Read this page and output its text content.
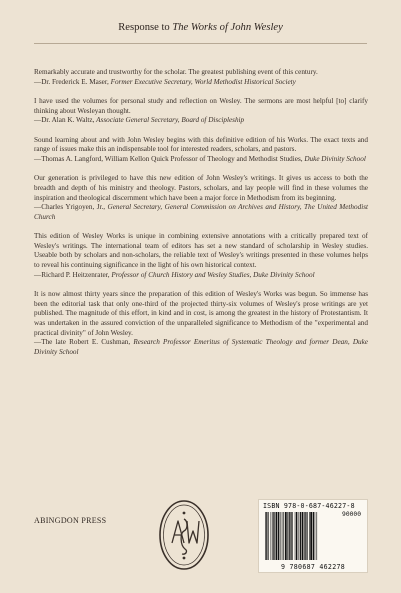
Response to The Works of John Wesley

Remarkably accurate and trustworthy for the scholar. The greatest publishing event of this century.

—Dr. Frederick E. Maser, Former Executive Secretary, World Methodist Historical Society

I have used the volumes for personal study and reflection on Wesley. The sermons are most helpful [to] clarify thinking about Wesleyan thought.

—Dr. Alan K. Waltz, Associate General Secretary, Board of Discipleship

Sound learning about and with John Wesley begins with this definitive edition of his Works. The exact texts and range of issues make this an indispensable tool for interested readers, scholars, and pastors.

—Thomas A. Langford, William Kellon Quick Professor of Theology and Methodist Studies, Duke Divinity School

Our generation is privileged to have this new edition of John Wesley's writings. It gives us access to both the breadth and depth of his ministry and theology. Pastors, scholars, and lay people will find in these volumes the inspiration and theological discernment which have been a major force in Methodism from its beginning.

—Charles Yrigoyen, Jr., General Secretary, General Commission on Archives and History, The United Methodist Church

This edition of Wesley Works is unique in combining extensive annotations with a critically prepared text of Wesley's writings. The international team of editors has set a new standard of scholarship in Wesley studies. Useable both by scholars and non-scholars, the reliable text of Wesley's writings presented in these volumes helps to reveal his continuing significance in the light of his own historical context.

—Richard P. Heitzenrater, Professor of Church History and Wesley Studies, Duke Divinity School

It is now almost thirty years since the preparation of this edition of Wesley's Works was begun. So immense has been the editorial task that only one-third of the projected thirty-six volumes of Wesley's prose writings are yet published. The magnitude of this effort, in kind and in cost, is among the greatest in the history of Protestantism. It was undertaken in the assured conviction of the unparalleled significance to Methodism of the "experimental and practical divinity" of John Wesley.

—The late Robert E. Cushman, Research Professor Emeritus of Systematic Theology and former Dean, Duke Divinity School

ABINGDON PRESS
ISBN 978-0-687-46227-8
90000
9 780687 462278
